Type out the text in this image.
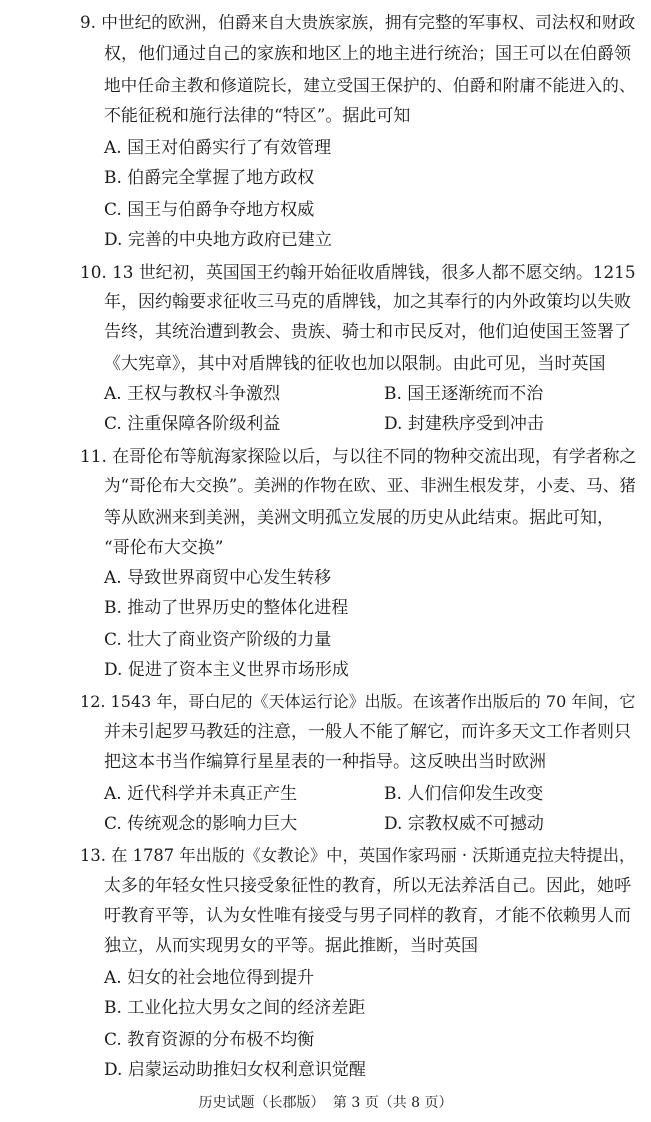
9. 中世纪的欧洲，伯爵来自大贵族家族，拥有完整的军事权、司法权和财政
权，他们通过自己的家族和地区上的地主进行统治；国王可以在伯爵领
地中任命主教和修道院长，建立受国王保护的、伯爵和附庸不能进入的、
不能征税和施行法律的“特区”。据此可知
A. 国王对伯爵实行了有效管理
B. 伯爵完全掌握了地方政权
C. 国王与伯爵争夺地方权威
D. 完善的中央地方政府已建立
10. 13 世纪初，英国国王约翰开始征收盾牌钱，很多人都不愿交纳。1215
年，因约翰要求征收三马克的盾牌钱，加之其奉行的内外政策均以失败
告终，其统治遭到教会、贵族、骑士和市民反对，他们迫使国王签署了
《大宪章》，其中对盾牌钱的征收也加以限制。由此可见，当时英国
A. 王权与教权斗争激烈	B. 国王逐渐统而不治
C. 注重保障各阶级利益	D. 封建秩序受到冲击
11. 在哥伦布等航海家探险以后，与以往不同的物种交流出现，有学者称之
为“哥伦布大交换”。美洲的作物在欧、亚、非洲生根发芽，小麦、马、猪
等从欧洲来到美洲，美洲文明孤立发展的历史从此结束。据此可知，
“哥伦布大交换”
A. 导致世界商贸中心发生转移
B. 推动了世界历史的整体化进程
C. 壮大了商业资产阶级的力量
D. 促进了资本主义世界市场形成
12. 1543 年，哥白尼的《天体运行论》出版。在该著作出版后的 70 年间，它
并未引起罗马教廷的注意，一般人不能了解它，而许多天文工作者则只
把这本书当作编算行星星表的一种指导。这反映出当时欧洲
A. 近代科学并未真正产生	B. 人们信仰发生改变
C. 传统观念的影响力巨大	D. 宗教权威不可撼动
13. 在 1787 年出版的《女教论》中，英国作家玛丽 · 沃斯通克拉夫特提出，
太多的年轻女性只接受象征性的教育，所以无法养活自己。因此，她呼
吁教育平等，认为女性唯有接受与男子同样的教育，才能不依赖男人而
独立，从而实现男女的平等。据此推断，当时英国
A. 妇女的社会地位得到提升
B. 工业化拉大男女之间的经济差距
C. 教育资源的分布极不均衡
D. 启蒙运动助推妇女权利意识觉醒
历史试题（长郡版） 第 3 页（共 8 页）
